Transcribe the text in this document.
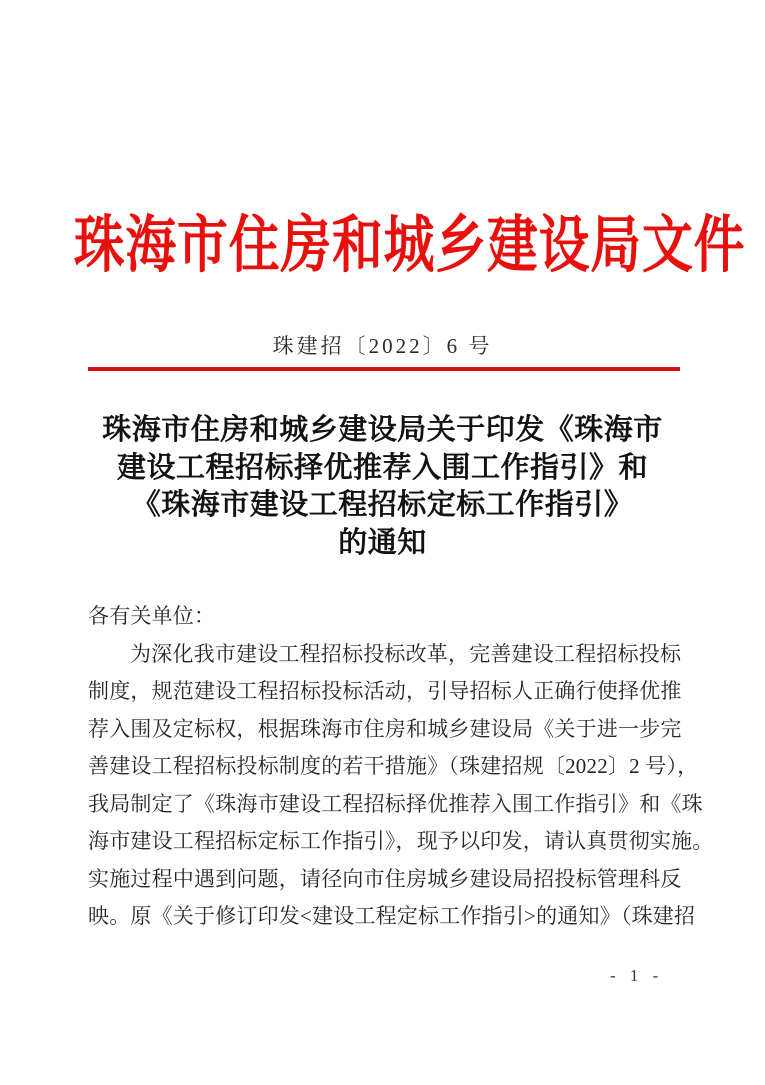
珠海市住房和城乡建设局文件
珠建招〔2022〕6 号
珠海市住房和城乡建设局关于印发《珠海市
建设工程招标择优推荐入围工作指引》和
《珠海市建设工程招标定标工作指引》
的通知
各有关单位：
为深化我市建设工程招标投标改革，完善建设工程招标投标
制度，规范建设工程招标投标活动，引导招标人正确行使择优推
荐入围及定标权，根据珠海市住房和城乡建设局《关于进一步完
善建设工程招标投标制度的若干措施》（珠建招规〔2022〕2 号），
我局制定了《珠海市建设工程招标择优推荐入围工作指引》和《珠
海市建设工程招标定标工作指引》，现予以印发，请认真贯彻实施。
实施过程中遇到问题，请径向市住房城乡建设局招投标管理科反
映。原《关于修订印发<建设工程定标工作指引>的通知》（珠建招
- 1 -
